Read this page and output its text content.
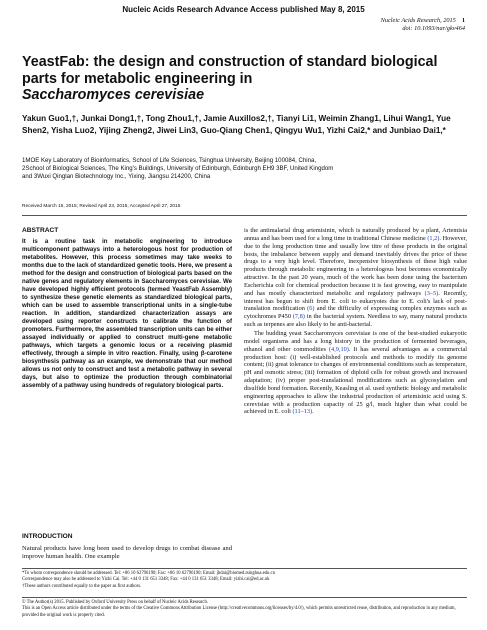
Nucleic Acids Research Advance Access published May 8, 2015
Nucleic Acids Research, 2015 1
doi: 10.1093/nar/gkv464
YeastFab: the design and construction of standard biological parts for metabolic engineering in
Saccharomyces cerevisiae
Yakun Guo1,†, Junkai Dong1,†, Tong Zhou1,†, Jamie Auxillos2,†, Tianyi Li1, Weimin Zhang1, Lihui Wang1, Yue Shen2, Yisha Luo2, Yijing Zheng2, Jiwei Lin3, Guo-Qiang Chen1, Qingyu Wu1, Yizhi Cai2,* and Junbiao Dai1,*
1MOE Key Laboratory of Bioinformatics, School of Life Sciences, Tsinghua University, Beijing 100084, China,
2School of Biological Sciences, The King's Buildings, University of Edinburgh, Edinburgh EH9 3BF, United Kingdom
and 3Wuxi Qinglan Biotechnology Inc., Yixing, Jiangsu 214200, China
Received March 15, 2015; Revised April 23, 2015; Accepted April 27, 2015
ABSTRACT

It is a routine task in metabolic engineering to introduce multicomponent pathways into a heterologous host for production of metabolites. However, this process sometimes may take weeks to months due to the lack of standardized genetic tools. Here, we present a method for the design and construction of biological parts based on the native genes and regulatory elements in Saccharomyces cerevisiae. We have developed highly efficient protocols (termed YeastFab Assembly) to synthesize these genetic elements as standardized biological parts, which can be used to assemble transcriptional units in a single-tube reaction. In addition, standardized characterization assays are developed using reporter constructs to calibrate the function of promoters. Furthermore, the assembled transcription units can be either assayed individually or applied to construct multi-gene metabolic pathways, which targets a genomic locus or a receiving plasmid effectively, through a simple in vitro reaction. Finally, using β-carotene biosynthesis pathway as an example, we demonstrate that our method allows us not only to construct and test a metabolic pathway in several days, but also to optimize the production through combinatorial assembly of a pathway using hundreds of regulatory biological parts.

INTRODUCTION

Natural products have long been used to develop drugs to combat disease and improve human health. One example

is the antimalarial drug artemisinin, which is naturally produced by a plant, Artemisia annua and has been used for a long time in traditional Chinese medicine (1,2). However, due to the long production time and usually low titre of these products in the original hosts, the imbalance between supply and demand inevitably drives the price of these drugs to a very high level. Therefore, inexpensive biosynthesis of these high value products through metabolic engineering in a heterologous host becomes economically attractive. In the past 20 years, much of the work has been done using the bacterium Escherichia coli for chemical production because it is fast growing, easy to manipulate and has mostly characterized metabolic and regulatory pathways (3–5). Recently, interest has begun to shift from E. coli to eukaryotes due to E. coli's lack of post-translation modification (6) and the difficulty of expressing complex enzymes such as cytochromes P450 (7,8) in the bacterial system. Needless to say, many natural products such as terpenes are also likely to be anti-bacterial.

The budding yeast Saccharomyces cerevisiae is one of the best-studied eukaryotic model organisms and has a long history in the production of fermented beverages, ethanol and other commodities (4,9,10). It has several advantages as a commercial production host: (i) well-established protocols and methods to modify its genome content; (ii) great tolerance to changes of environmental conditions such as temperature, pH and osmotic stress; (iii) formation of diploid cells for robust growth and increased adaptation; (iv) proper post-translational modifications such as glycosylation and disulfide bond formation. Recently, Keasling et al. used synthetic biology and metabolic engineering approaches to allow the industrial production of artemisinic acid using S. cerevisiae with a production capacity of 25 g/l, much higher than what could be achieved in E. coli (11–13).

*To whom correspondence should be addressed. Tel: +86 10 62796190; Fax: +86 10 62796190; Email: jbdai@biomed.tsinghua.edu.cn
Correspondence may also be addressed to Yizhi Cai. Tel: +44 0 131 651 3348; Fax: +44 0 131 651 3348; Email: yizhi.cai@ed.ac.uk
†These authors contributed equally to the paper as first authors.
© The Author(s) 2015. Published by Oxford University Press on behalf of Nucleic Acids Research.
This is an Open Access article distributed under the terms of the Creative Commons Attribution License (http://creativecommons.org/licenses/by/4.0/), which permits unrestricted reuse, distribution, and reproduction in any medium, provided the original work is properly cited.
